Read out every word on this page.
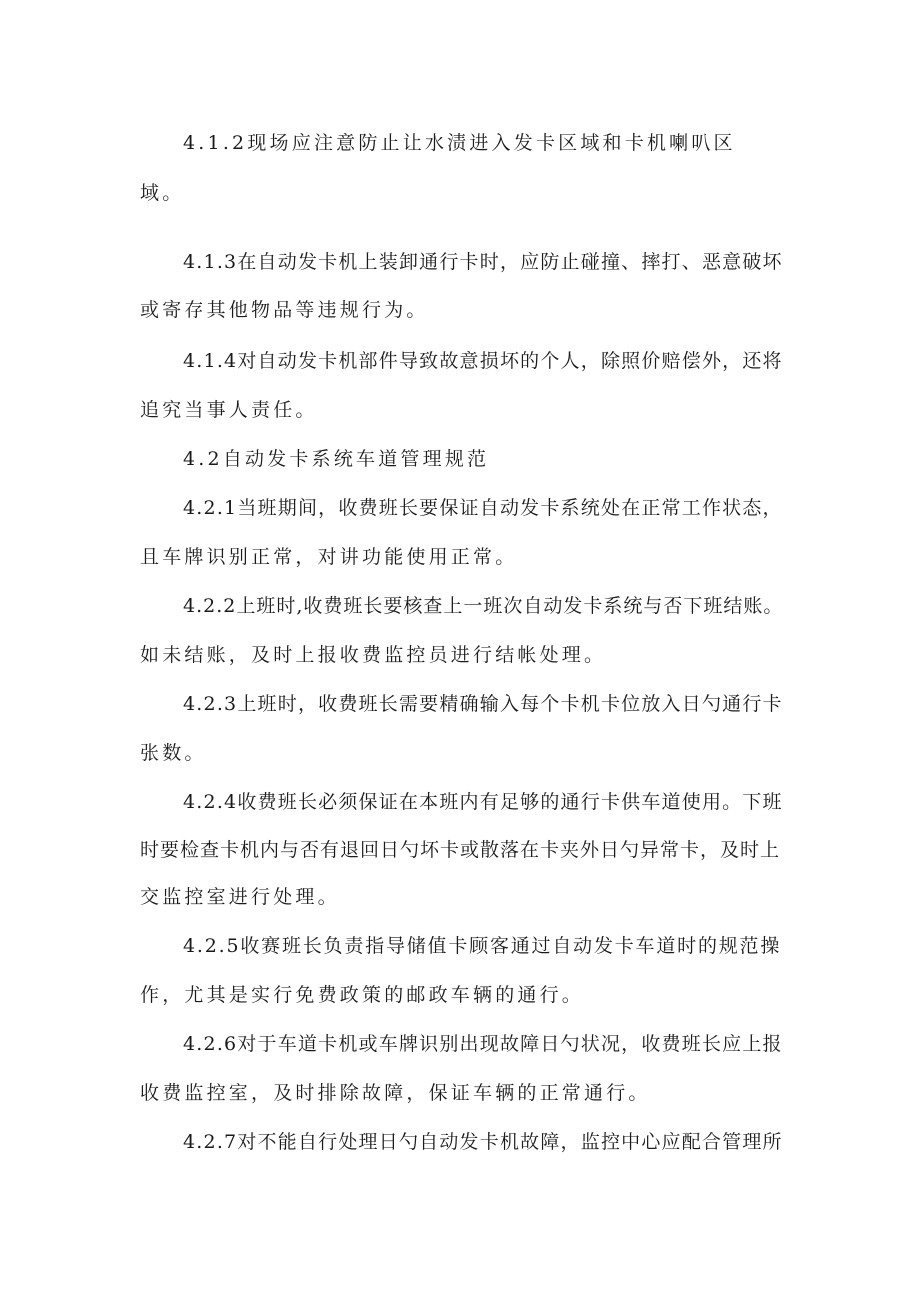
4.1.2现场应注意防止让水渍进入发卡区域和卡机喇叭区
域。
4.1.3在自动发卡机上装卸通行卡时，应防止碰撞、摔打、恶意破坏
或寄存其他物品等违规行为。
4.1.4对自动发卡机部件导致故意损坏的个人，除照价赔偿外，还将
追究当事人责任。
4.2自动发卡系统车道管理规范
4.2.1当班期间，收费班长要保证自动发卡系统处在正常工作状态，
且车牌识别正常，对讲功能使用正常。
4.2.2上班时,收费班长要核查上一班次自动发卡系统与否下班结账。
如未结账，及时上报收费监控员进行结帐处理。
4.2.3上班时，收费班长需要精确输入每个卡机卡位放入日勺通行卡
张数。
4.2.4收费班长必须保证在本班内有足够的通行卡供车道使用。下班
时要检查卡机内与否有退回日勺坏卡或散落在卡夹外日勺异常卡，及时上
交监控室进行处理。
4.2.5收赛班长负责指导储值卡顾客通过自动发卡车道时的规范操
作，尤其是实行免费政策的邮政车辆的通行。
4.2.6对于车道卡机或车牌识别出现故障日勺状况，收费班长应上报
收费监控室，及时排除故障，保证车辆的正常通行。
4.2.7对不能自行处理日勺自动发卡机故障，监控中心应配合管理所
